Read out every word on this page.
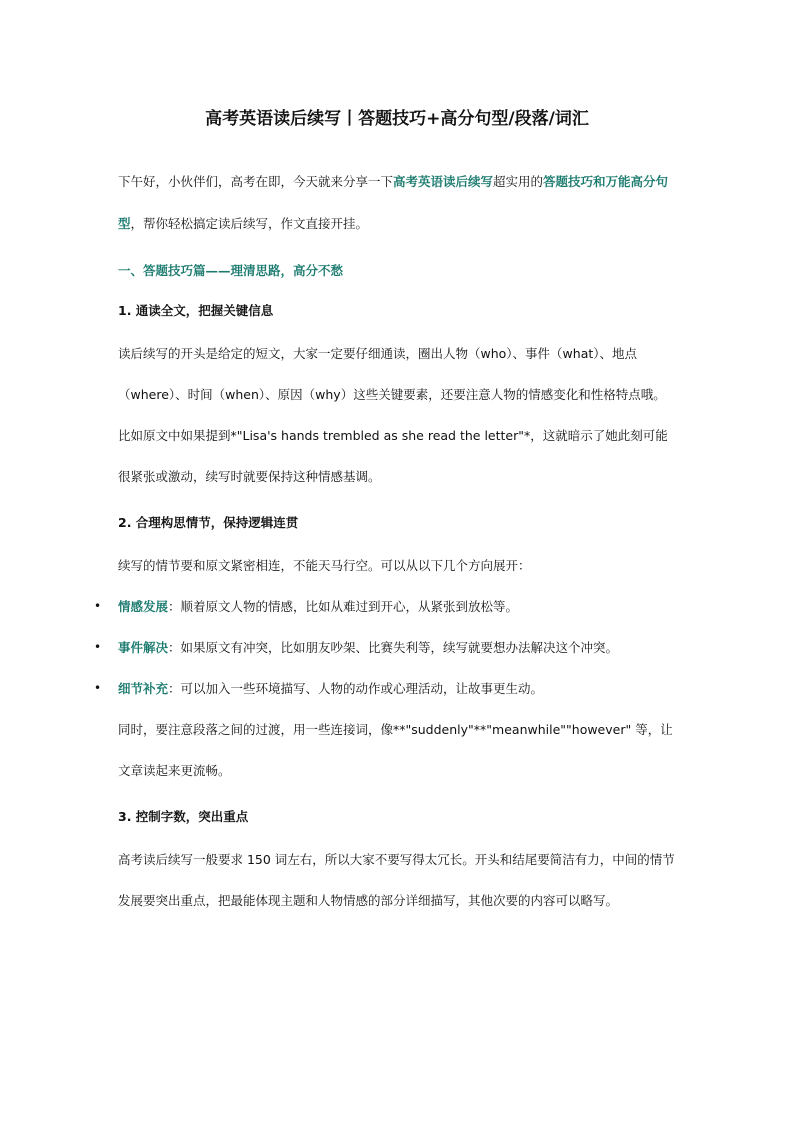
高考英语读后续写丨答题技巧+高分句型/段落/词汇

下午好，小伙伴们，高考在即，今天就来分享一下高考英语读后续写超实用的答题技巧和万能高分句型，帮你轻松搞定读后续写，作文直接开挂。

一、答题技巧篇——理清思路，高分不愁

1. 通读全文，把握关键信息

读后续写的开头是给定的短文，大家一定要仔细通读，圈出人物（who）、事件（what）、地点（where）、时间（when）、原因（why）这些关键要素，还要注意人物的情感变化和性格特点哦。比如原文中如果提到*"Lisa's hands trembled as she read the letter"*，这就暗示了她此刻可能很紧张或激动，续写时就要保持这种情感基调。

2. 合理构思情节，保持逻辑连贯

续写的情节要和原文紧密相连，不能天马行空。可以从以下几个方向展开：

• 情感发展：顺着原文人物的情感，比如从难过到开心，从紧张到放松等。
• 事件解决：如果原文有冲突，比如朋友吵架、比赛失利等，续写就要想办法解决这个冲突。
• 细节补充：可以加入一些环境描写、人物的动作或心理活动，让故事更生动。

同时，要注意段落之间的过渡，用一些连接词，像**"suddenly"**"meanwhile""however" 等，让文章读起来更流畅。

3. 控制字数，突出重点

高考读后续写一般要求 150 词左右，所以大家不要写得太冗长。开头和结尾要简洁有力，中间的情节发展要突出重点，把最能体现主题和人物情感的部分详细描写，其他次要的内容可以略写。
